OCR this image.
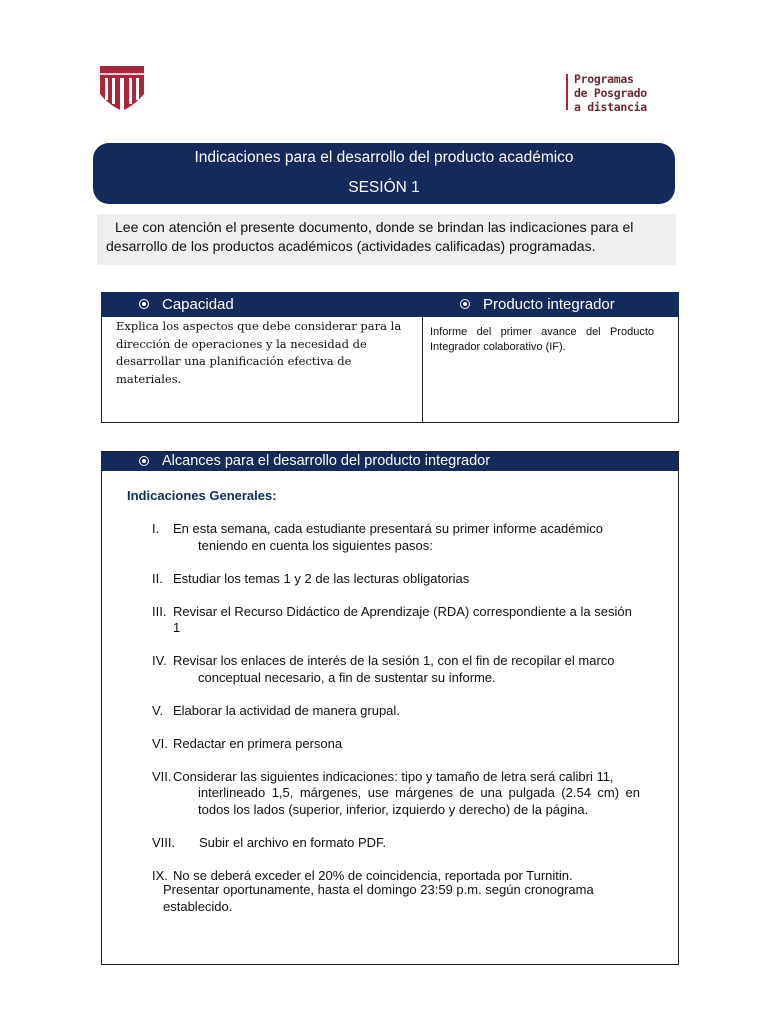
Programas
de Posgrado
a distancia
Indicaciones para el desarrollo del producto académico
SESIÓN 1

Lee con atención el presente documento, donde se brindan las indicaciones para el desarrollo de los productos académicos (actividades calificadas) programadas.

Capacidad	Producto integrador

Explica los aspectos que debe considerar para la dirección de operaciones y la necesidad de desarrollar una planificación efectiva de materiales.	Informe del primer avance del Producto Integrador colaborativo (IF).
Alcances para el desarrollo del producto integrador
Indicaciones Generales:
I. En esta semana, cada estudiante presentará su primer informe académico
teniendo en cuenta los siguientes pasos:
II. Estudiar los temas 1 y 2 de las lecturas obligatorias
III. Revisar el Recurso Didáctico de Aprendizaje (RDA) correspondiente a la sesión 1
IV. Revisar los enlaces de interés de la sesión 1, con el fin de recopilar el marco
conceptual necesario, a fin de sustentar su informe.
V. Elaborar la actividad de manera grupal.
VI. Redactar en primera persona
VII. Considerar las siguientes indicaciones: tipo y tamaño de letra será calibri 11,
interlineado 1,5, márgenes, use márgenes de una pulgada (2.54 cm) en todos los lados (superior, inferior, izquierdo y derecho) de la página.
VIII. Subir el archivo en formato PDF.
IX. No se deberá exceder el 20% de coincidencia, reportada por Turnitin.
Presentar oportunamente, hasta el domingo 23:59 p.m. según cronograma establecido.
